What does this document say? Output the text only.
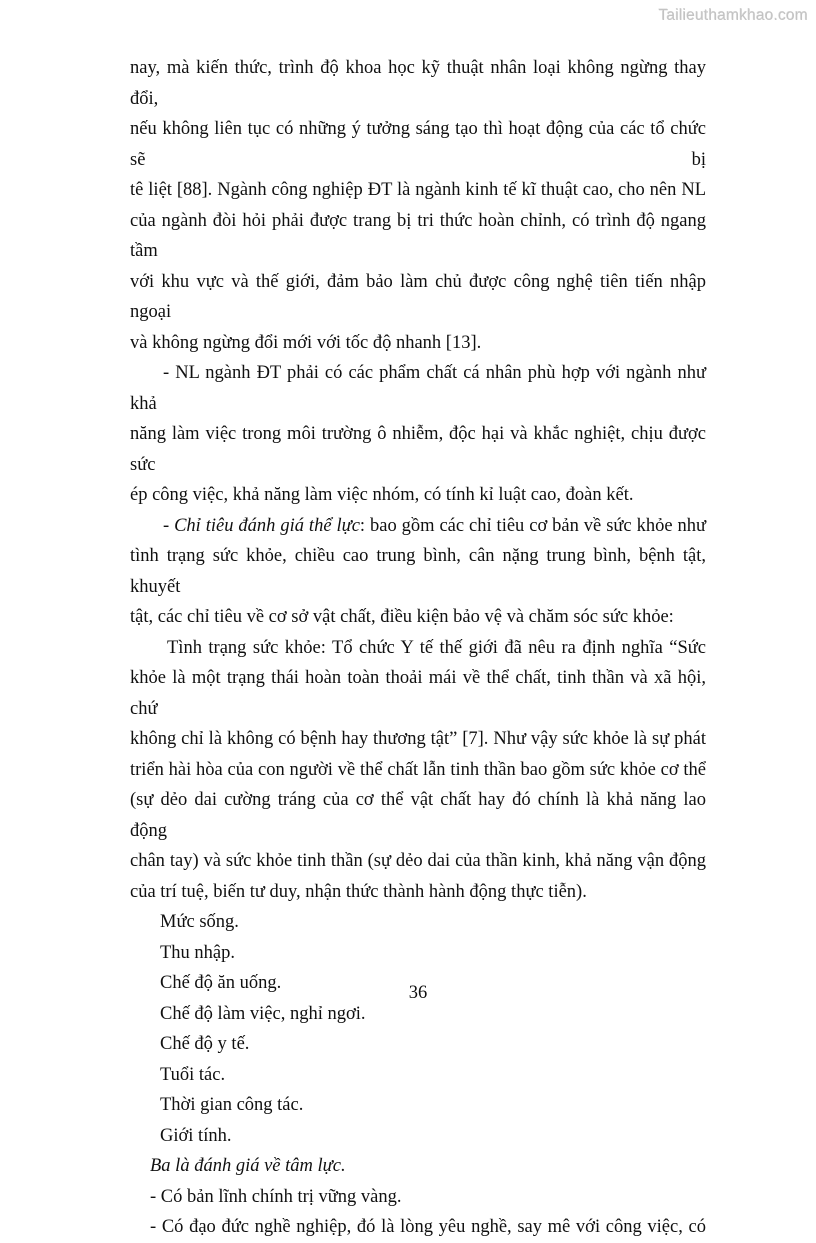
Tailieuthamkhao.com
nay, mà kiến thức, trình độ khoa học kỹ thuật nhân loại không ngừng thay đổi,
nếu không liên tục có những ý tưởng sáng tạo thì hoạt động của các tổ chức sẽ bị
tê liệt [88]. Ngành công nghiệp ĐT là ngành kinh tế kĩ thuật cao, cho nên NL
của ngành đòi hỏi phải được trang bị tri thức hoàn chỉnh, có trình độ ngang tầm
với khu vực và thế giới, đảm bảo làm chủ được công nghệ tiên tiến nhập ngoại
và không ngừng đổi mới với tốc độ nhanh [13].
- NL ngành ĐT phải có các phẩm chất cá nhân phù hợp với ngành như khả
năng làm việc trong môi trường ô nhiễm, độc hại và khắc nghiệt, chịu được sức
ép công việc, khả năng làm việc nhóm, có tính kỉ luật cao, đoàn kết.
- Chỉ tiêu đánh giá thể lực: bao gồm các chỉ tiêu cơ bản về sức khỏe như
tình trạng sức khỏe, chiều cao trung bình, cân nặng trung bình, bệnh tật, khuyết
tật, các chỉ tiêu về cơ sở vật chất, điều kiện bảo vệ và chăm sóc sức khỏe:
Tình trạng sức khỏe: Tổ chức Y tế thế giới đã nêu ra định nghĩa “Sức
khỏe là một trạng thái hoàn toàn thoải mái về thể chất, tinh thần và xã hội, chứ
không chỉ là không có bệnh hay thương tật” [7]. Như vậy sức khỏe là sự phát
triển hài hòa của con người về thể chất lẫn tinh thần bao gồm sức khỏe cơ thể
(sự dẻo dai cường tráng của cơ thể vật chất hay đó chính là khả năng lao động
chân tay) và sức khỏe tinh thần (sự dẻo dai của thần kinh, khả năng vận động
của trí tuệ, biến tư duy, nhận thức thành hành động thực tiễn).
Mức sống.
Thu nhập.
Chế độ ăn uống.
Chế độ làm việc, nghỉ ngơi.
Chế độ y tế.
Tuổi tác.
Thời gian công tác.
Giới tính.
Ba là đánh giá về tâm lực.
- Có bản lĩnh chính trị vững vàng.
- Có đạo đức nghề nghiệp, đó là lòng yêu nghề, say mê với công việc, có
36
